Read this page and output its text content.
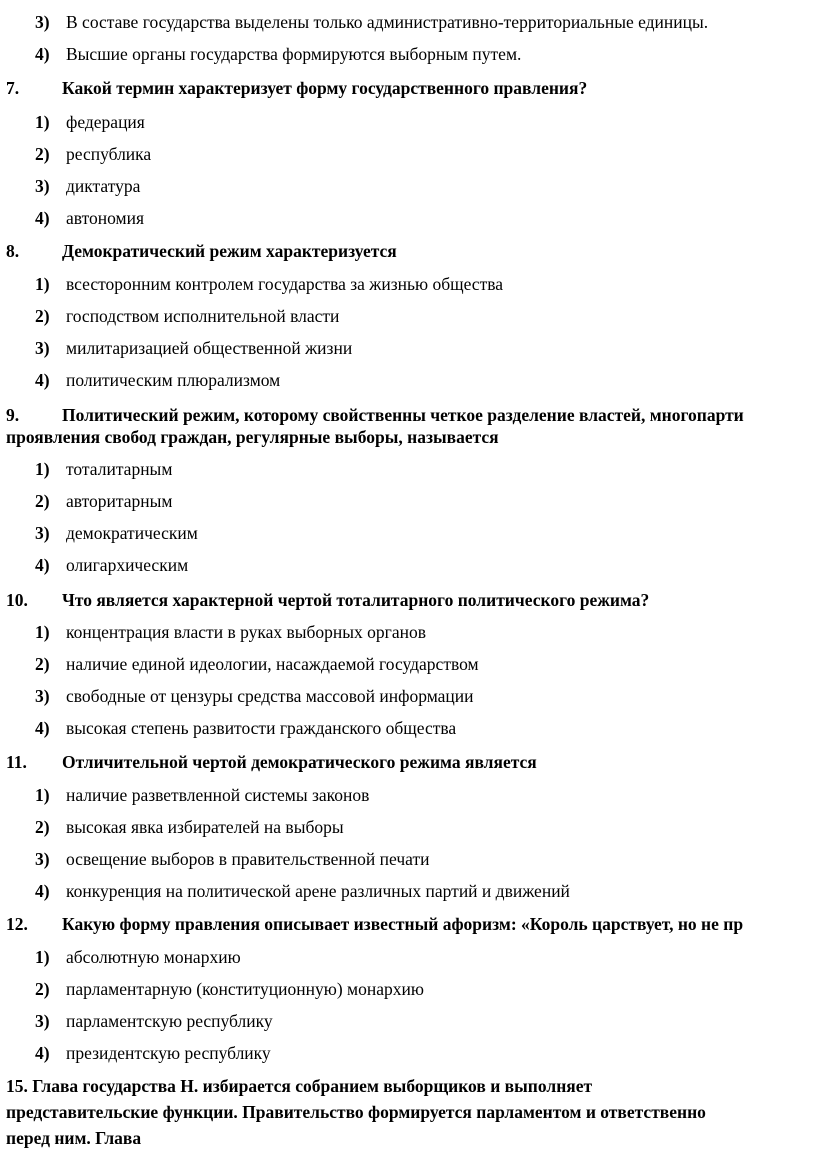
3) В составе государства выделены только административно-территориальные единицы.
4) Высшие органы государства формируются выборным путем.
7. Какой термин характеризует форму государственного правления?
1) федерация
2) республика
3) диктатура
4) автономия
8. Демократический режим характеризуется
1) всесторонним контролем государства за жизнью общества
2) господством исполнительной власти
3) милитаризацией общественной жизни
4) политическим плюрализмом
9. Политический режим, которому свойственны четкое разделение властей, многопарти
проявления свобод граждан, регулярные выборы, называется
1) тоталитарным
2) авторитарным
3) демократическим
4) олигархическим
10. Что является характерной чертой тоталитарного политического режима?
1) концентрация власти в руках выборных органов
2) наличие единой идеологии, насаждаемой государством
3) свободные от цензуры средства массовой информации
4) высокая степень развитости гражданского общества
11. Отличительной чертой демократического режима является
1) наличие разветвленной системы законов
2) высокая явка избирателей на выборы
3) освещение выборов в правительственной печати
4) конкуренция на политической арене различных партий и движений
12. Какую форму правления описывает известный афоризм: «Король царствует, но не пр
1) абсолютную монархию
2) парламентарную (конституционную) монархию
3) парламентскую республику
4) президентскую республику
15. Глава государства Н. избирается собранием выборщиков и выполняет
представительские функции. Правительство формируется парламентом и ответственно
перед ним. Глава
